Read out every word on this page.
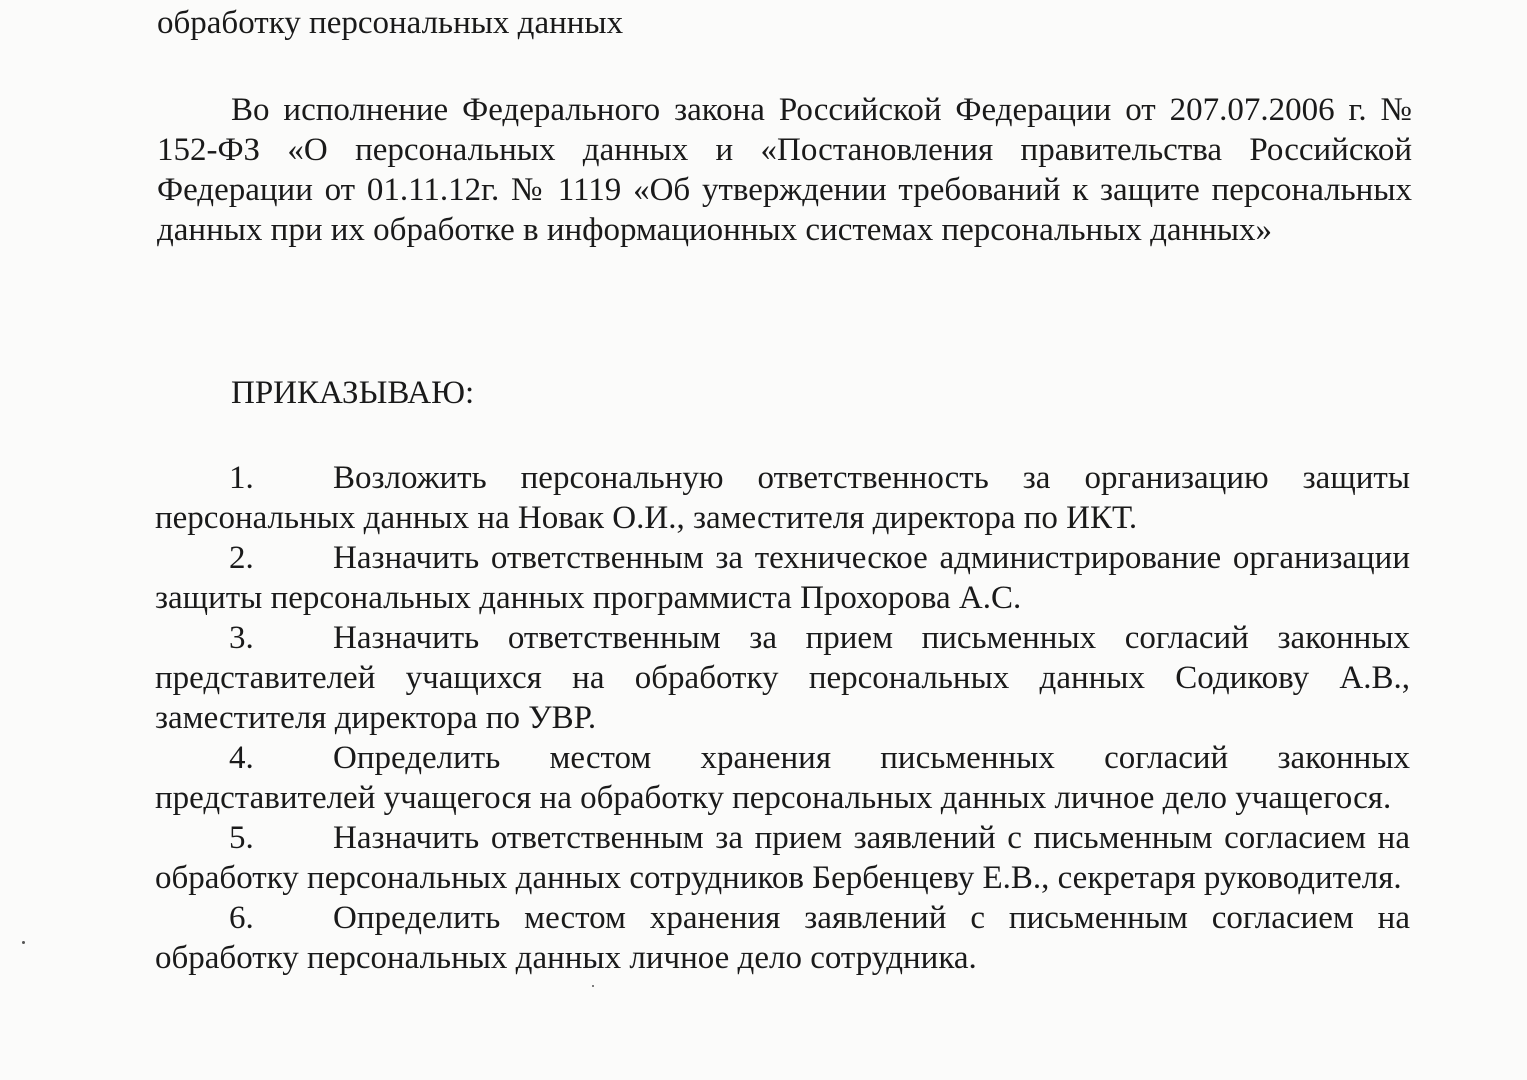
обработку персональных данных
Во исполнение Федерального закона Российской Федерации от 207.07.2006 г. № 152-ФЗ «О персональных данных и «Постановления правительства Российской Федерации от 01.11.12г. № 1119 «Об утверждении требований к защите персональных данных при их обработке в информационных системах персональных данных»
ПРИКАЗЫВАЮ:

1. Возложить персональную ответственность за организацию защиты персональных данных на Новак О.И., заместителя директора по ИКТ.

2. Назначить ответственным за техническое администрирование организации защиты персональных данных программиста Прохорова А.С.

3. Назначить ответственным за прием письменных согласий законных представителей учащихся на обработку персональных данных Содикову А.В., заместителя директора по УВР.

4. Определить местом хранения письменных согласий законных представителей учащегося на обработку персональных данных личное дело учащегося.

5. Назначить ответственным за прием заявлений с письменным согласием на обработку персональных данных сотрудников Бербенцеву Е.В., секретаря руководителя.

6. Определить местом хранения заявлений с письменным согласием на обработку персональных данных личное дело сотрудника.
